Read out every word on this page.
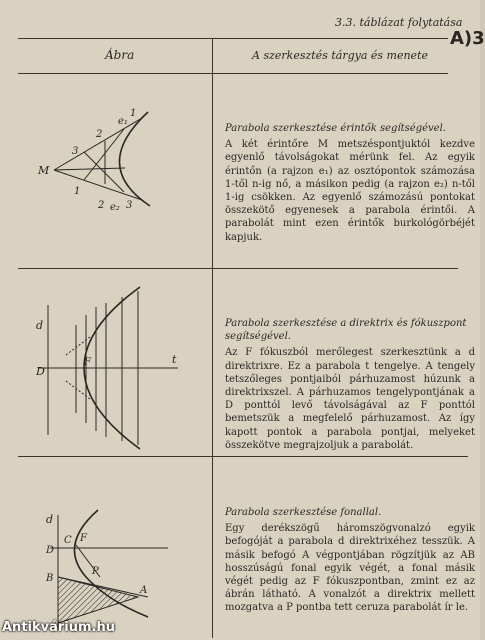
3.3. táblázat folytatása
A)3
Ábra	A szerkesztés tárgya és menete
M
3
2
e₁
1
1
2 e₂ 3
Parabola szerkesztése érintők segítségével.

A két érintőre M metszéspontjuktól kezdve egyenlő távolságokat mérünk fel. Az egyik érintőn (a rajzon e₁) az osztópontok számozása 1-től n-ig nő, a másikon pedig (a rajzon e₂) n-től 1-ig csökken. Az egyenlő számozású pontokat összekötő egyenesek a parabola érintői. A parabolát mint ezen érintők burkológörbéjét kapjuk.

d
D
F	t
Parabola szerkesztése a direktrix és fókuszpont segítségével.

Az F fókuszból merőlegest szerkesztünk a d direktrixre. Ez a parabola t tengelye. A tengely tetszőleges pontjaiból párhuzamost húzunk a direktrixszel. A párhuzamos tengelypontjának a D ponttól levő távolságával az F ponttól bemetszük a megfelelő párhuzamost. Az így kapott pontok a parabola pontjai, melyeket összekötve megrajzoljuk a parabolát.

d
C F
D
B
P
A
Parabola szerkesztése fonallal.

Egy derékszögű háromszögvonalzó egyik befogóját a parabola d direktrixéhez tesszük. A másik befogó A végpontjában rögzítjük az AB hosszúságú fonal egyik végét, a fonal másik végét pedig az F fókuszpontban, zmint ez az ábrán látható. A vonalzót a direktrix mellett mozgatva a P pontba tett ceruza parabolát ír le.

Antikvárium.hu
